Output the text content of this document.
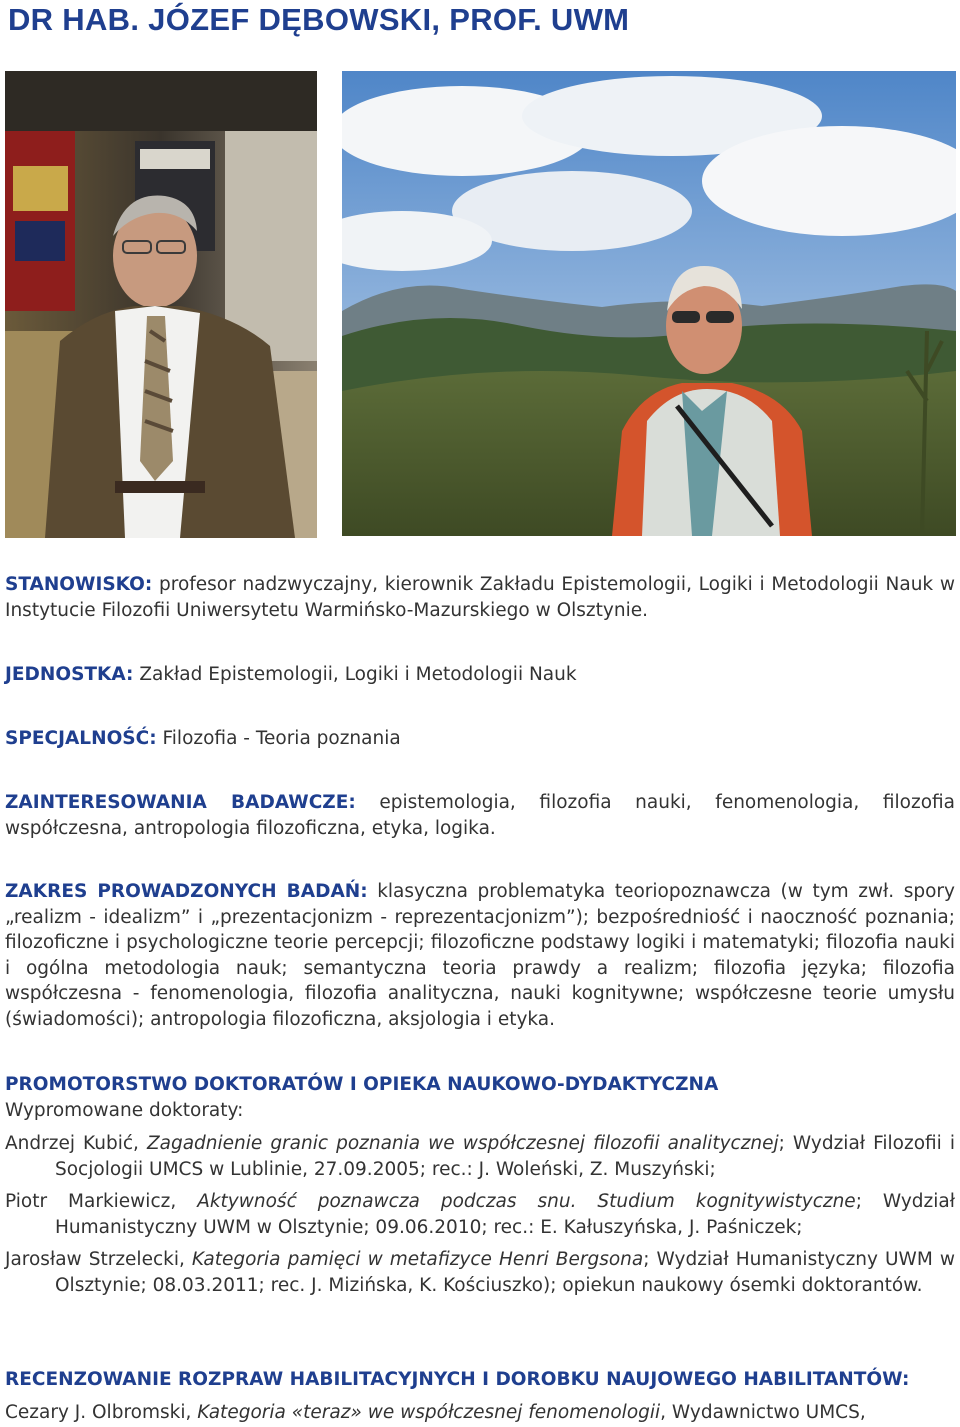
DR HAB. JÓZEF DĘBOWSKI, PROF. UWM
STANOWISKO: profesor nadzwyczajny, kierownik Zakładu Epistemologii, Logiki i Metodologii Nauk w Instytucie Filozofii Uniwersytetu Warmińsko-Mazurskiego w Olsztynie.
JEDNOSTKA: Zakład Epistemologii, Logiki i Metodologii Nauk
SPECJALNOŚĆ: Filozofia - Teoria poznania
ZAINTERESOWANIA BADAWCZE: epistemologia, filozofia nauki, fenomenologia, filozofia współczesna, antropologia filozoficzna, etyka, logika.
ZAKRES PROWADZONYCH BADAŃ: klasyczna problematyka teoriopoznawcza (w tym zwł. spory „realizm - idealizm” i „prezentacjonizm - reprezentacjonizm”); bezpośredniość i naoczność poznania; filozoficzne i psychologiczne teorie percepcji; filozoficzne podstawy logiki i matematyki; filozofia nauki i ogólna metodologia nauk; semantyczna teoria prawdy a realizm; filozofia języka; filozofia współczesna - fenomenologia, filozofia analityczna, nauki kognitywne; współczesne teorie umysłu (świadomości); antropologia filozoficzna, aksjologia i etyka.
PROMOTORSTWO DOKTORATÓW I OPIEKA NAUKOWO-DYDAKTYCZNA
Wypromowane doktoraty:
Andrzej Kubić, Zagadnienie granic poznania we współczesnej filozofii analitycznej; Wydział Filozofii i Socjologii UMCS w Lublinie, 27.09.2005; rec.: J. Woleński, Z. Muszyński;
Piotr Markiewicz, Aktywność poznawcza podczas snu. Studium kognitywistyczne; Wydział Humanistyczny UWM w Olsztynie; 09.06.2010; rec.: E. Kałuszyńska, J. Paśniczek;
Jarosław Strzelecki, Kategoria pamięci w metafizyce Henri Bergsona; Wydział Humanistyczny UWM w Olsztynie; 08.03.2011; rec. J. Mizińska, K. Kościuszko); opiekun naukowy ósemki doktorantów.
RECENZOWANIE ROZPRAW HABILITACYJNYCH I DOROBKU NAUJOWEGO HABILITANTÓW:
Cezary J. Olbromski, Kategoria «teraz» we współczesnej fenomenologii, Wydawnictwo UMCS,
